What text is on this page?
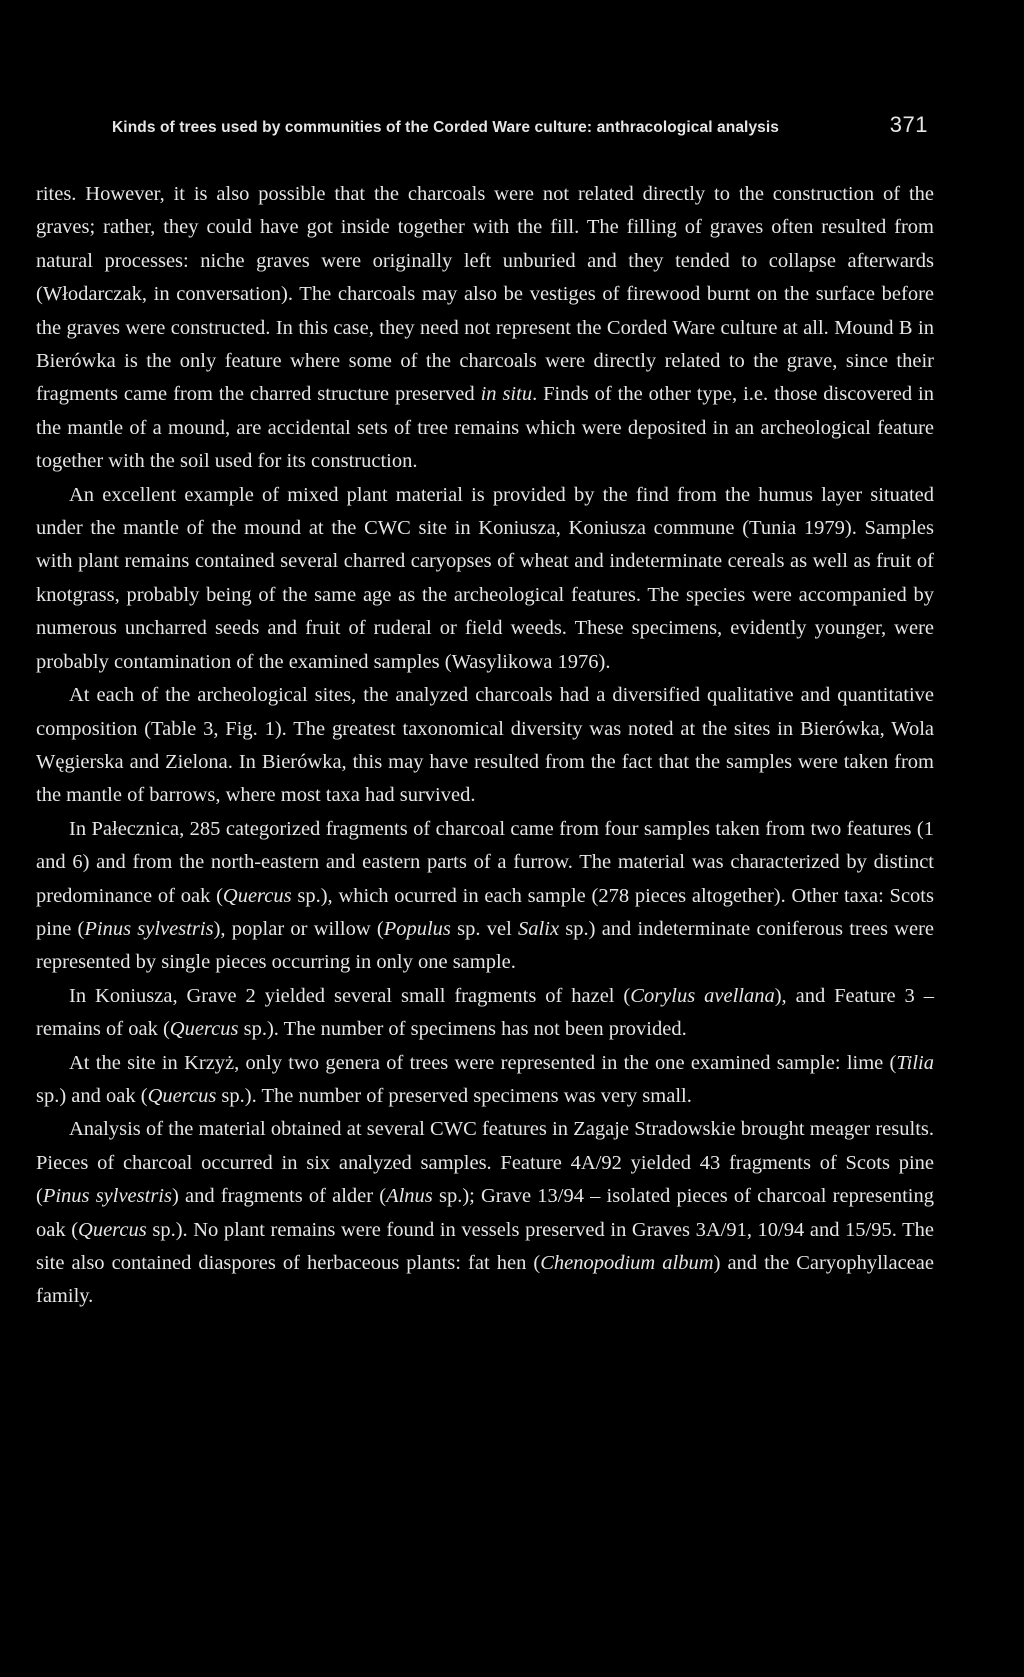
Kinds of trees used by communities of the Corded Ware culture: anthracological analysis	371

rites. However, it is also possible that the charcoals were not related directly to the construction of the graves; rather, they could have got inside together with the fill. The filling of graves often resulted from natural processes: niche graves were originally left unburied and they tended to collapse afterwards (Włodarczak, in conversation). The charcoals may also be vestiges of firewood burnt on the surface before the graves were constructed. In this case, they need not represent the Corded Ware culture at all. Mound B in Bierówka is the only feature where some of the charcoals were directly related to the grave, since their fragments came from the charred structure preserved in situ. Finds of the other type, i.e. those discovered in the mantle of a mound, are accidental sets of tree remains which were deposited in an archeological feature together with the soil used for its construction.

An excellent example of mixed plant material is provided by the find from the humus layer situated under the mantle of the mound at the CWC site in Koniusza, Koniusza commune (Tunia 1979). Samples with plant remains contained several charred caryopses of wheat and indeterminate cereals as well as fruit of knotgrass, probably being of the same age as the archeological features. The species were accompanied by numerous uncharred seeds and fruit of ruderal or field weeds. These specimens, evidently younger, were probably contamination of the examined samples (Wasylikowa 1976).

At each of the archeological sites, the analyzed charcoals had a diversified qualitative and quantitative composition (Table 3, Fig. 1). The greatest taxonomical diversity was noted at the sites in Bierówka, Wola Węgierska and Zielona. In Bierówka, this may have resulted from the fact that the samples were taken from the mantle of barrows, where most taxa had survived.

In Pałecznica, 285 categorized fragments of charcoal came from four samples taken from two features (1 and 6) and from the north-eastern and eastern parts of a furrow. The material was characterized by distinct predominance of oak (Quercus sp.), which ocurred in each sample (278 pieces altogether). Other taxa: Scots pine (Pinus sylvestris), poplar or willow (Populus sp. vel Salix sp.) and indeterminate coniferous trees were represented by single pieces occurring in only one sample.

In Koniusza, Grave 2 yielded several small fragments of hazel (Corylus avellana), and Feature 3 – remains of oak (Quercus sp.). The number of specimens has not been provided.

At the site in Krzyż, only two genera of trees were represented in the one examined sample: lime (Tilia sp.) and oak (Quercus sp.). The number of preserved specimens was very small.

Analysis of the material obtained at several CWC features in Zagaje Stradowskie brought meager results. Pieces of charcoal occurred in six analyzed samples. Feature 4A/92 yielded 43 fragments of Scots pine (Pinus sylvestris) and fragments of alder (Alnus sp.); Grave 13/94 – isolated pieces of charcoal representing oak (Quercus sp.). No plant remains were found in vessels preserved in Graves 3A/91, 10/94 and 15/95. The site also contained diaspores of herbaceous plants: fat hen (Chenopodium album) and the Caryophyllaceae family.
